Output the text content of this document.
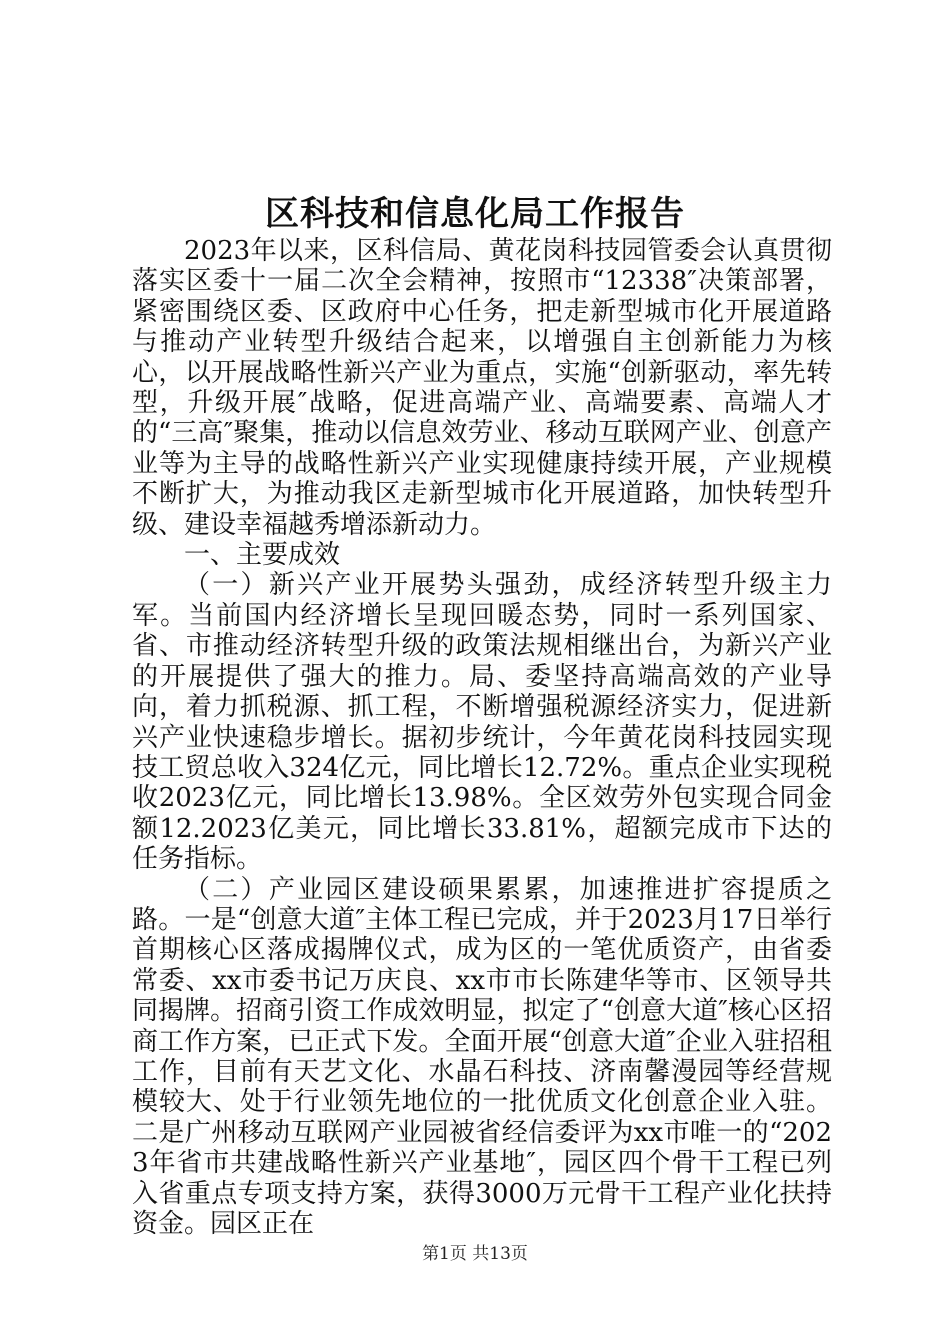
区科技和信息化局工作报告

2023年以来，区科信局、黄花岗科技园管委会认真贯彻落实区委十一届二次全会精神，按照市“12338″决策部署，紧密围绕区委、区政府中心任务，把走新型城市化开展道路与推动产业转型升级结合起来，以增强自主创新能力为核心，以开展战略性新兴产业为重点，实施“创新驱动，率先转型，升级开展″战略，促进高端产业、高端要素、高端人才的“三高″聚集，推动以信息效劳业、移动互联网产业、创意产业等为主导的战略性新兴产业实现健康持续开展，产业规模不断扩大，为推动我区走新型城市化开展道路，加快转型升级、建设幸福越秀增添新动力。

一、主要成效

（一）新兴产业开展势头强劲，成经济转型升级主力军。当前国内经济增长呈现回暖态势，同时一系列国家、省、市推动经济转型升级的政策法规相继出台，为新兴产业的开展提供了强大的推力。局、委坚持高端高效的产业导向，着力抓税源、抓工程，不断增强税源经济实力，促进新兴产业快速稳步增长。据初步统计，今年黄花岗科技园实现技工贸总收入324亿元，同比增长12.72%。重点企业实现税收2023亿元，同比增长13.98%。全区效劳外包实现合同金额12.2023亿美元，同比增长33.81%，超额完成市下达的任务指标。

（二）产业园区建设硕果累累，加速推进扩容提质之路。一是“创意大道″主体工程已完成，并于2023月17日举行首期核心区落成揭牌仪式，成为区的一笔优质资产，由省委常委、xx市委书记万庆良、xx市市长陈建华等市、区领导共同揭牌。招商引资工作成效明显，拟定了“创意大道″核心区招商工作方案，已正式下发。全面开展“创意大道″企业入驻招租工作，目前有天艺文化、水晶石科技、济南馨漫园等经营规模较大、处于行业领先地位的一批优质文化创意企业入驻。二是广州移动互联网产业园被省经信委评为xx市唯一的“2023年省市共建战略性新兴产业基地″，园区四个骨干工程已列入省重点专项支持方案，获得3000万元骨干工程产业化扶持资金。园区正在

第1页 共13页
